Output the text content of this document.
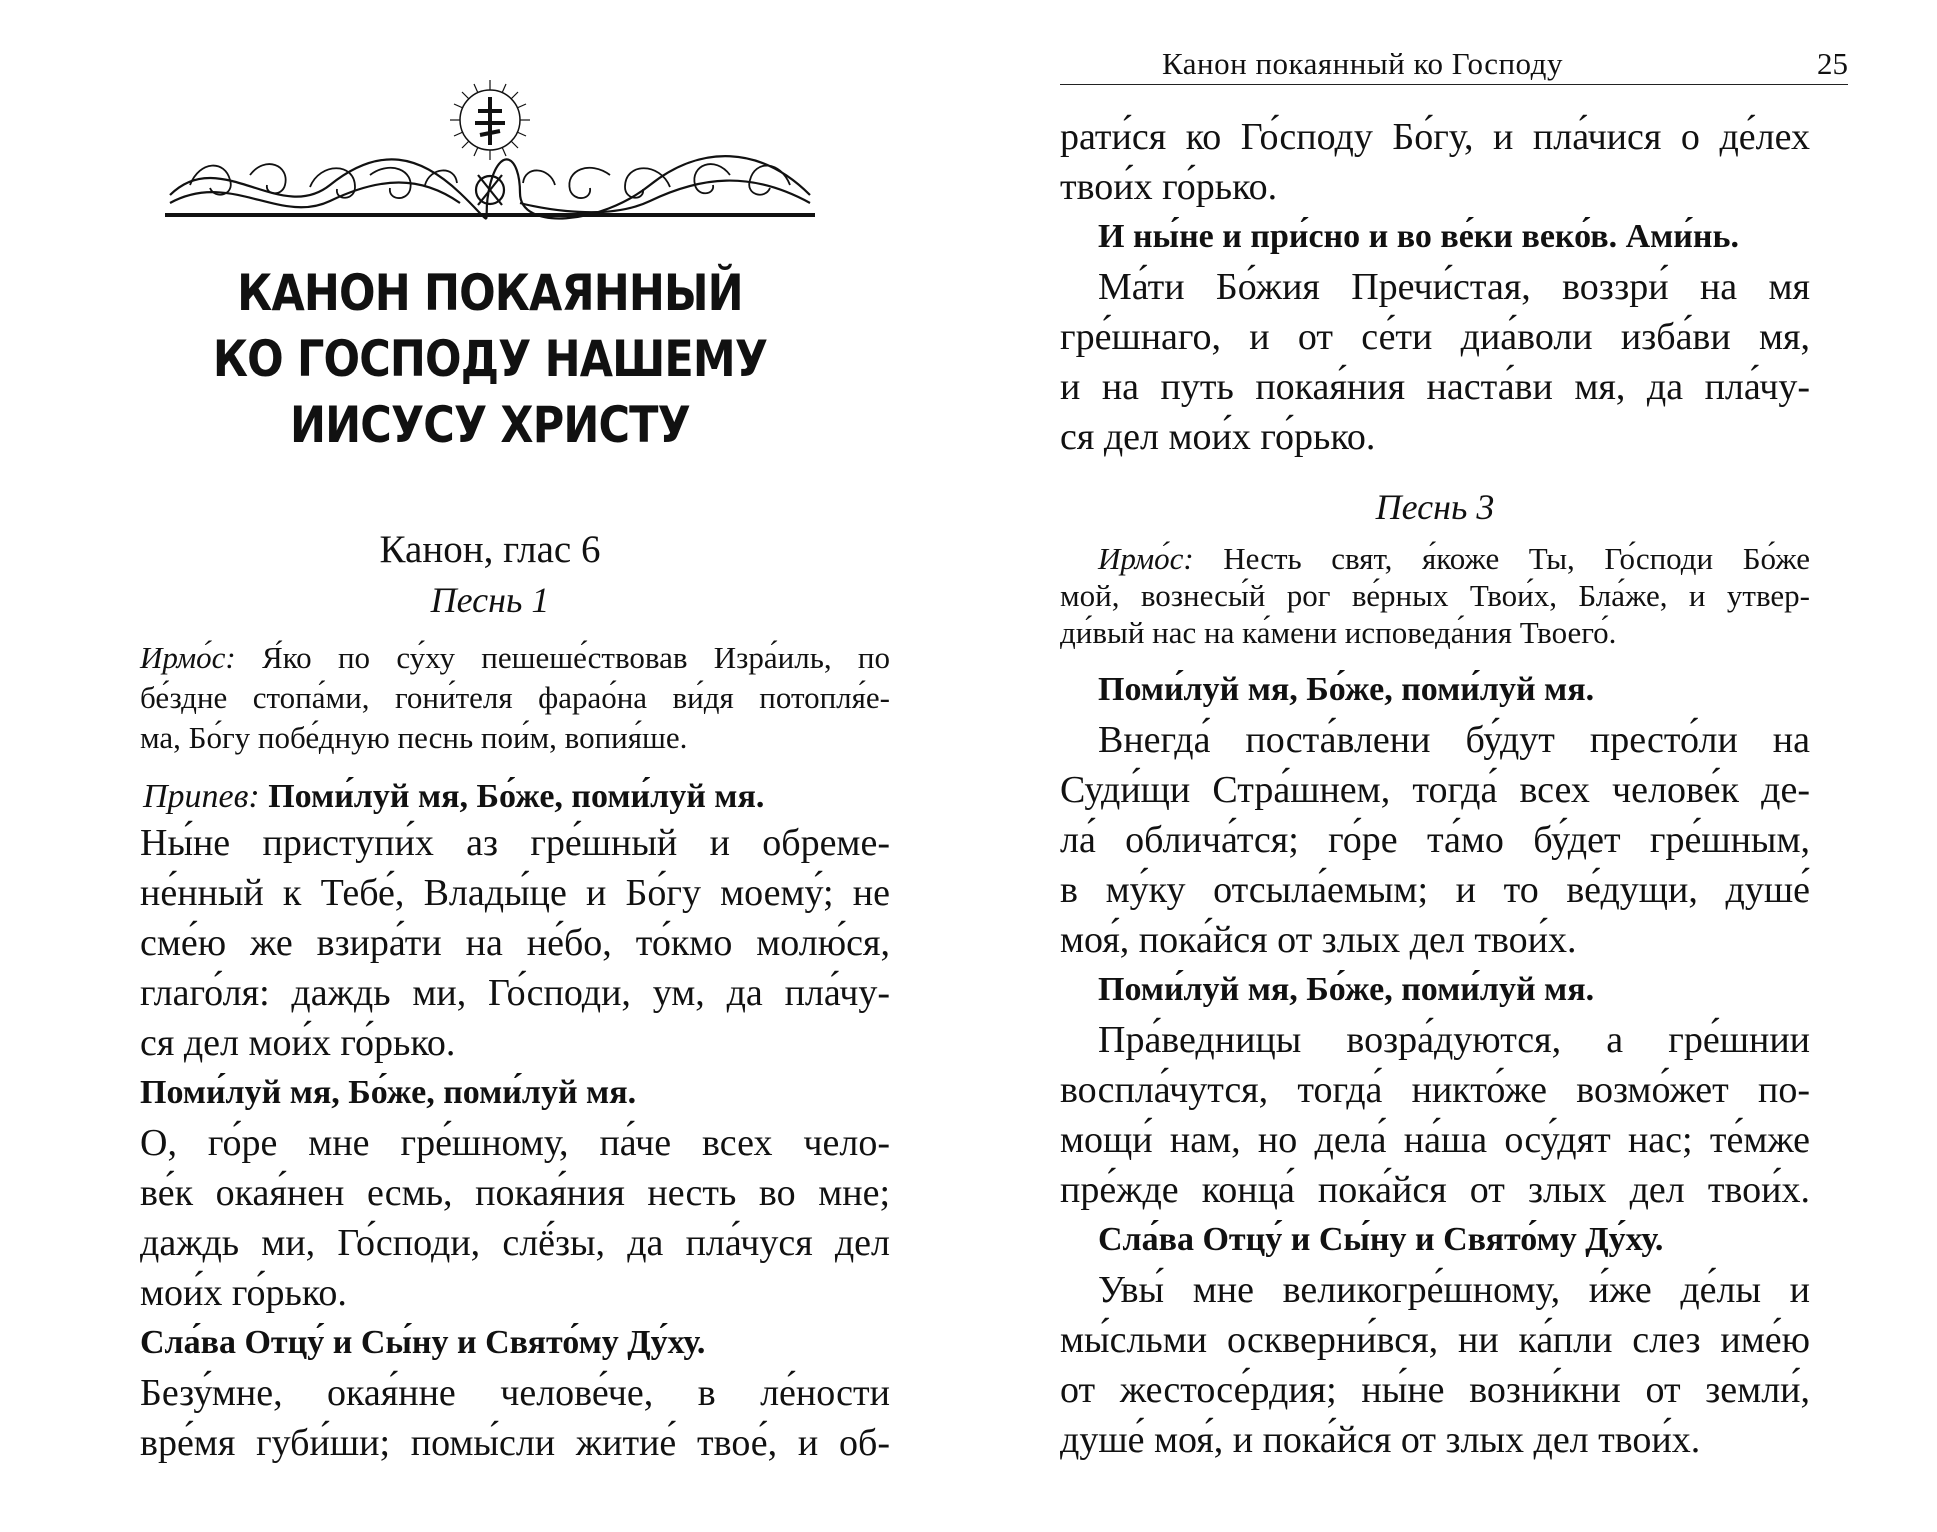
КАНОН ПОКАЯННЫЙ
КО ГОСПОДУ НАШЕМУ
ИИСУСУ ХРИСТУ
Канон, глас 6
Песнь 1
Ирмо́с: Я́ко по су́ху пешеше́ствовав Изра́иль, по
бе́здне стопа́ми, гони́теля фарао́на ви́дя потопля́е-
ма, Бо́гу побе́дную песнь пои́м, вопия́ше.
Припев: Поми́луй мя, Бо́же, поми́луй мя.
Ны́не приступи́х аз гре́шный и обреме-
не́нный к Тебе́, Влады́це и Бо́гу моему́; не
сме́ю же взира́ти на не́бо, то́кмо молю́ся,
глаго́ля: даждь ми, Го́споди, ум, да пла́чу-
ся дел мои́х го́рько.
Поми́луй мя, Бо́же, поми́луй мя.
О, го́ре мне гре́шному, па́че всех чело-
ве́к окая́нен есмь, покая́ния несть во мне;
даждь ми, Го́споди, слё́зы, да пла́чуся дел
мои́х го́рько.
Сла́ва Отцу́ и Сы́ну и Свято́му Ду́ху.
Безу́мне, окая́нне челове́че, в ле́ности
вре́мя губи́ши; помы́сли житие́ твое́, и об-
Канон покаянный ко Господу	25
рати́ся ко Го́споду Бо́гу, и пла́чися о де́лех
твои́х го́рько.
И ны́не и при́сно и во ве́ки веко́в. Ами́нь.
Ма́ти Бо́жия Пречи́стая, воззри́ на мя
гре́шнаго, и от се́ти диа́воли изба́ви мя,
и на путь покая́ния наста́ви мя, да пла́чу-
ся дел мои́х го́рько.
Песнь 3
Ирмо́с: Несть свят, я́коже Ты, Го́споди Бо́же
мой, вознесы́й рог ве́рных Твои́х, Бла́же, и утвер-
ди́вый нас на ка́мени исповеда́ния Твоего́.
Поми́луй мя, Бо́же, поми́луй мя.
Внегда́ поста́влени бу́дут престо́ли на
Суди́щи Стра́шнем, тогда́ всех челове́к де-
ла́ облича́тся; го́ре та́мо бу́дет гре́шным,
в му́ку отсыла́емым; и то ве́дущи, душе́
моя́, пока́йся от злых дел твои́х.
Поми́луй мя, Бо́же, поми́луй мя.
Пра́ведницы возра́дуются, а гре́шнии
воспла́чутся, тогда́ никто́же возмо́жет по-
мощи́ нам, но дела́ на́ша осу́дят нас; те́мже
пре́жде конца́ пока́йся от злых дел твои́х.
Сла́ва Отцу́ и Сы́ну и Свято́му Ду́ху.
Увы́ мне великогре́шному, и́же де́лы и
мы́сльми оскверни́вся, ни ка́пли слез име́ю
от жестосе́рдия; ны́не возни́кни от земли́,
душе́ моя́, и пока́йся от злых дел твои́х.
